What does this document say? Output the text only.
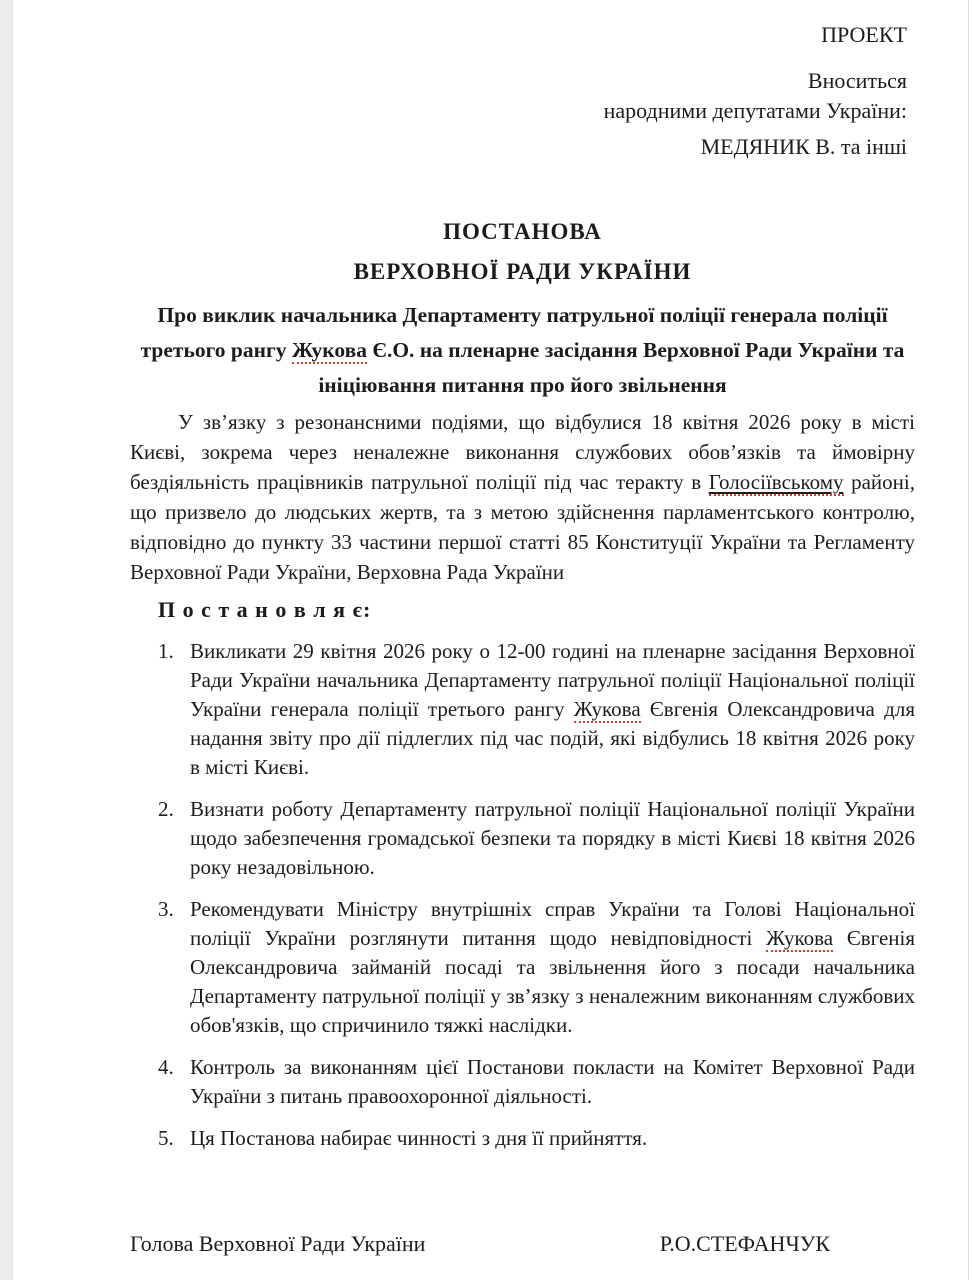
ПРОЕКТ
Вноситься
народними депутатами України:
МЕДЯНИК В. та інші
ПОСТАНОВА
ВЕРХОВНОЇ РАДИ УКРАЇНИ
Про виклик начальника Департаменту патрульної поліції генерала поліції третього рангу Жукова Є.О. на пленарне засідання Верховної Ради України та ініціювання питання про його звільнення

У зв’язку з резонансними подіями, що відбулися 18 квітня 2026 року в місті Києві, зокрема через неналежне виконання службових обов’язків та ймовірну бездіяльність працівників патрульної поліції під час теракту в Голосіївському районі, що призвело до людських жертв, та з метою здійснення парламентського контролю, відповідно до пункту 33 частини першої статті 85 Конституції України та Регламенту Верховної Ради України, Верховна Рада України

П о с т а н о в л я є:
1. Викликати 29 квітня 2026 року о 12-00 годині на пленарне засідання Верховної Ради України начальника Департаменту патрульної поліції Національної поліції України генерала поліції третього рангу Жукова Євгенія Олександровича для надання звіту про дії підлеглих під час подій, які відбулись 18 квітня 2026 року в місті Києві.
2. Визнати роботу Департаменту патрульної поліції Національної поліції України щодо забезпечення громадської безпеки та порядку в місті Києві 18 квітня 2026 року незадовільною.
3. Рекомендувати Міністру внутрішніх справ України та Голові Національної поліції України розглянути питання щодо невідповідності Жукова Євгенія Олександровича займаній посаді та звільнення його з посади начальника Департаменту патрульної поліції у зв’язку з неналежним виконанням службових обов'язків, що спричинило тяжкі наслідки.
4. Контроль за виконанням цієї Постанови покласти на Комітет Верховної Ради України з питань правоохоронної діяльності.
5. Ця Постанова набирає чинності з дня її прийняття.
Голова Верховної Ради України	Р.О.СТЕФАНЧУК
